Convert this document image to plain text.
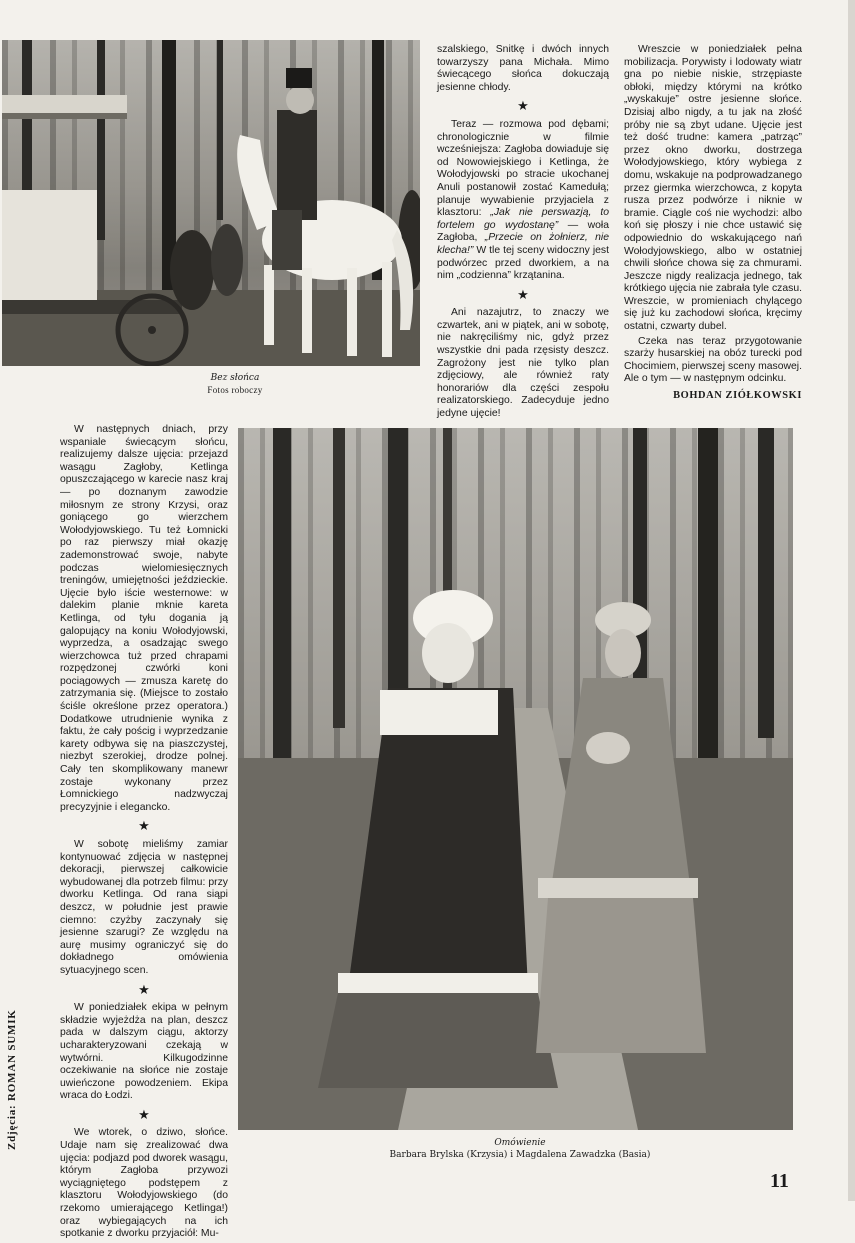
Bez słońca
Fotos roboczy

szalskiego, Snitkę i dwóch innych towarzyszy pana Michała. Mimo świecącego słońca dokuczają jesienne chłody.

★

Teraz — rozmowa pod dębami; chronologicznie w filmie wcześniejsza: Zagłoba dowiaduje się od Nowowiejskiego i Ketlinga, że Wołodyjowski po stracie ukochanej Anuli postanowił zostać Kamedułą; planuje wywabienie przyjaciela z klasztoru: „Jak nie perswazją, to fortelem go wydostanę” — woła Zagłoba, „Przecie on żołnierz, nie klecha!” W tle tej sceny widoczny jest podwórzec przed dworkiem, a na nim „codzienna” krzątanina.

★

Ani nazajutrz, to znaczy we czwartek, ani w piątek, ani w sobotę, nie nakręciliśmy nic, gdyż przez wszystkie dni pada rzęsisty deszcz. Zagrożony jest nie tylko plan zdjęciowy, ale również raty honorariów dla części zespołu realizatorskiego. Zadecyduje jedno jedyne ujęcie!

Wreszcie w poniedziałek pełna mobilizacja. Porywisty i lodowaty wiatr gna po niebie niskie, strzępiaste obłoki, między którymi na krótko „wyskakuje” ostre jesienne słońce. Dzisiaj albo nigdy, a tu jak na złość próby nie są zbyt udane. Ujęcie jest też dość trudne: kamera „patrząc” przez okno dworku, dostrzega Wołodyjowskiego, który wybiega z domu, wskakuje na podprowadzanego przez giermka wierzchowca, z kopyta rusza przez podwórze i niknie w bramie. Ciągle coś nie wychodzi: albo koń się płoszy i nie chce ustawić się odpowiednio do wskakującego nań Wołodyjowskiego, albo w ostatniej chwili słońce chowa się za chmurami. Jeszcze nigdy realizacja jednego, tak krótkiego ujęcia nie zabrała tyle czasu. Wreszcie, w promieniach chylącego się już ku zachodowi słońca, kręcimy ostatni, czwarty dubel.

Czeka nas teraz przygotowanie szarży husarskiej na obóz turecki pod Chocimiem, pierwszej sceny masowej. Ale o tym — w następnym odcinku.

BOHDAN ZIÓŁKOWSKI

W następnych dniach, przy wspaniale świecącym słońcu, realizujemy dalsze ujęcia: przejazd wasągu Zagłoby, Ketlinga opuszczającego w karecie nasz kraj — po doznanym zawodzie miłosnym ze strony Krzysi, oraz goniącego go wierzchem Wołodyjowskiego. Tu też Łomnicki po raz pierwszy miał okazję zademonstrować swoje, nabyte podczas wielomiesięcznych treningów, umiejętności jeździeckie. Ujęcie było iście westernowe: w dalekim planie mknie kareta Ketlinga, od tyłu dogania ją galopujący na koniu Wołodyjowski, wyprzedza, a osadzając swego wierzchowca tuż przed chrapami rozpędzonej czwórki koni pociągowych — zmusza karetę do zatrzymania się. (Miejsce to zostało ściśle określone przez operatora.) Dodatkowe utrudnienie wynika z faktu, że cały pościg i wyprzedzanie karety odbywa się na piaszczystej, niezbyt szerokiej, drodze polnej. Cały ten skomplikowany manewr zostaje wykonany przez Łomnickiego nadzwyczaj precyzyjnie i elegancko.

★

W sobotę mieliśmy zamiar kontynuować zdjęcia w następnej dekoracji, pierwszej całkowicie wybudowanej dla potrzeb filmu: przy dworku Ketlinga. Od rana siąpi deszcz, w południe jest prawie ciemno: czyżby zaczynały się jesienne szarugi? Ze względu na aurę musimy ograniczyć się do dokładnego omówienia sytuacyjnego scen.

★

W poniedziałek ekipa w pełnym składzie wyjeżdża na plan, deszcz pada w dalszym ciągu, aktorzy ucharakteryzowani czekają w wytwórni. Kilkugodzinne oczekiwanie na słońce nie zostaje uwieńczone powodzeniem. Ekipa wraca do Łodzi.

★

We wtorek, o dziwo, słońce. Udaje nam się zrealizować dwa ujęcia: podjazd pod dworek wasągu, którym Zagłoba przywozi wyciągniętego podstępem z klasztoru Wołodyjowskiego (do rzekomo umierającego Ketlinga!) oraz wybiegających na ich spotkanie z dworku przyjaciół: Mu-

Omówienie
Barbara Brylska (Krzysia) i Magdalena Zawadzka (Basia)
Zdjęcia: ROMAN SUMIK
11
